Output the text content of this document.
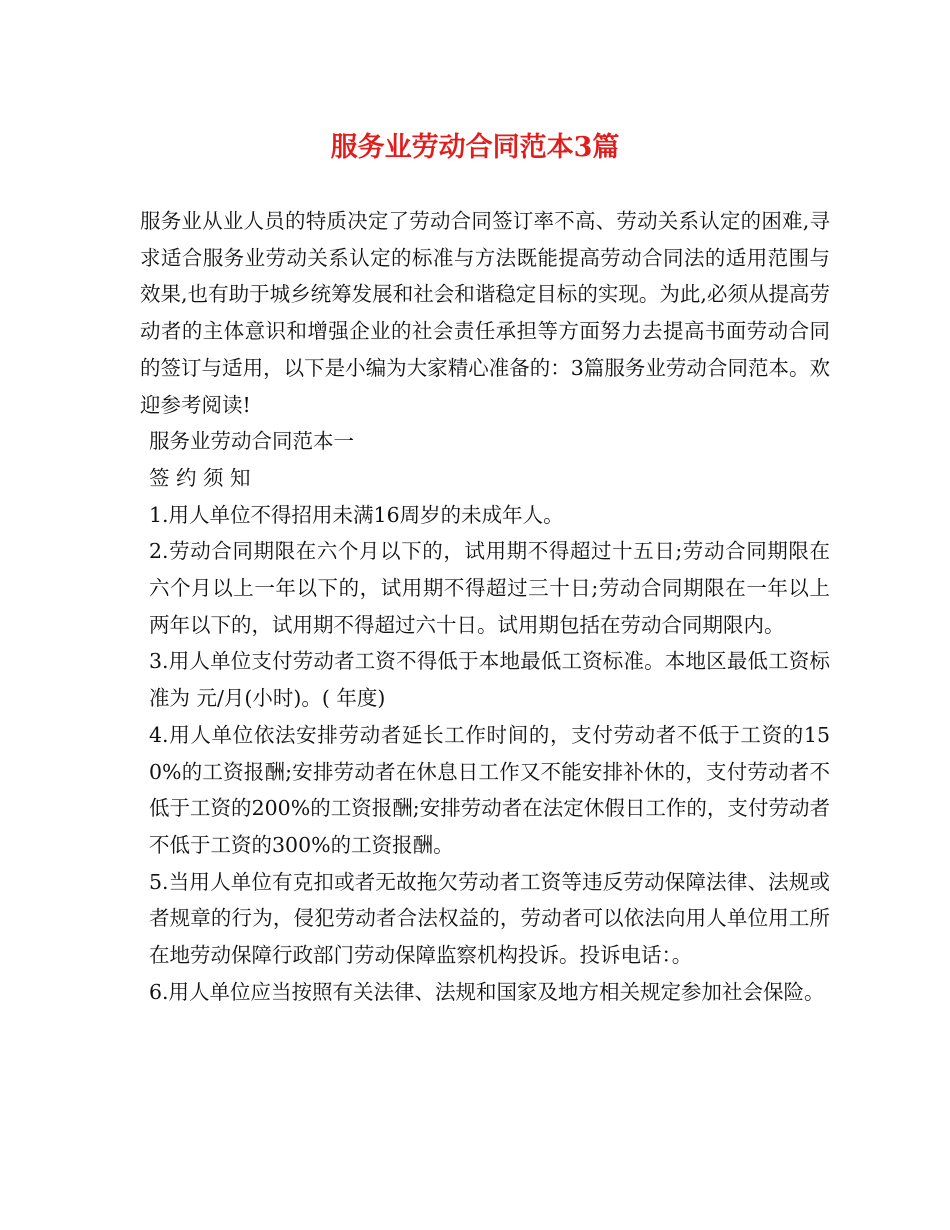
服务业劳动合同范本3篇

服务业从业人员的特质决定了劳动合同签订率不高、劳动关系认定的困难,寻求适合服务业劳动关系认定的标准与方法既能提高劳动合同法的适用范围与效果,也有助于城乡统筹发展和社会和谐稳定目标的实现。为此,必须从提高劳动者的主体意识和增强企业的社会责任承担等方面努力去提高书面劳动合同的签订与适用，以下是小编为大家精心准备的：3篇服务业劳动合同范本。欢迎参考阅读!

服务业劳动合同范本一

签 约 须 知

1.用人单位不得招用未满16周岁的未成年人。

2.劳动合同期限在六个月以下的，试用期不得超过十五日;劳动合同期限在六个月以上一年以下的，试用期不得超过三十日;劳动合同期限在一年以上两年以下的，试用期不得超过六十日。试用期包括在劳动合同期限内。

3.用人单位支付劳动者工资不得低于本地最低工资标准。本地区最低工资标准为 元/月(小时)。( 年度)

4.用人单位依法安排劳动者延长工作时间的，支付劳动者不低于工资的150%的工资报酬;安排劳动者在休息日工作又不能安排补休的，支付劳动者不低于工资的200%的工资报酬;安排劳动者在法定休假日工作的，支付劳动者不低于工资的300%的工资报酬。

5.当用人单位有克扣或者无故拖欠劳动者工资等违反劳动保障法律、法规或者规章的行为，侵犯劳动者合法权益的，劳动者可以依法向用人单位用工所在地劳动保障行政部门劳动保障监察机构投诉。投诉电话：。

6.用人单位应当按照有关法律、法规和国家及地方相关规定参加社会保险。
